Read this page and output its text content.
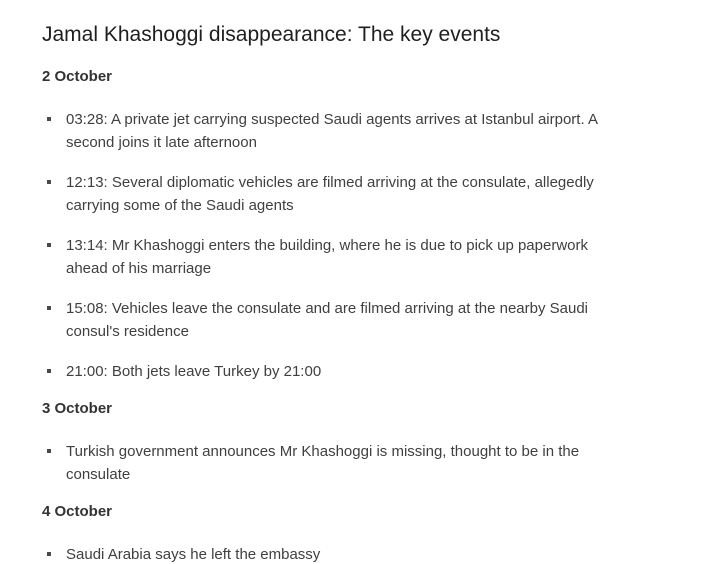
Jamal Khashoggi disappearance: The key events
2 October
03:28: A private jet carrying suspected Saudi agents arrives at Istanbul airport. A second joins it late afternoon
12:13: Several diplomatic vehicles are filmed arriving at the consulate, allegedly carrying some of the Saudi agents
13:14: Mr Khashoggi enters the building, where he is due to pick up paperwork ahead of his marriage
15:08: Vehicles leave the consulate and are filmed arriving at the nearby Saudi consul's residence
21:00: Both jets leave Turkey by 21:00
3 October
Turkish government announces Mr Khashoggi is missing, thought to be in the consulate
4 October
Saudi Arabia says he left the embassy
